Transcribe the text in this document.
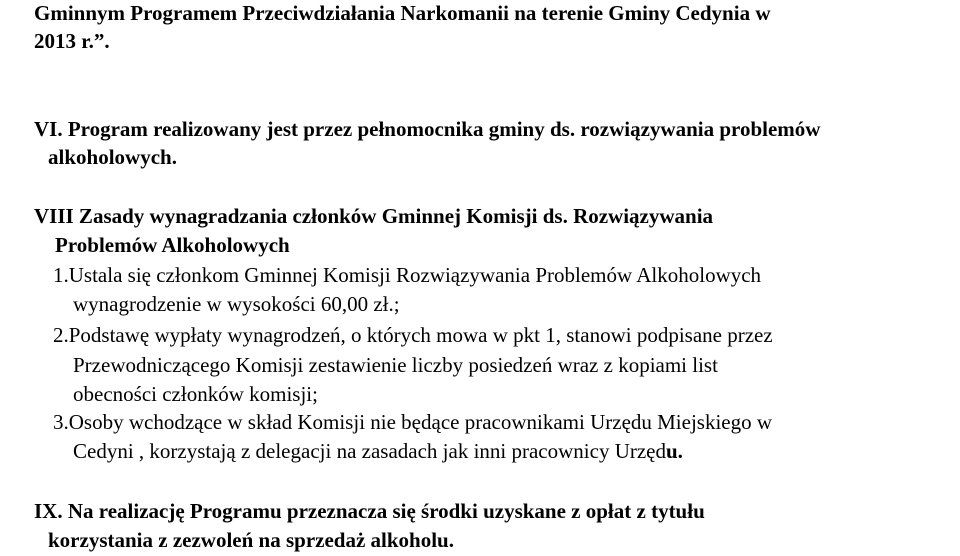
Gminnym Programem Przeciwdziałania Narkomanii na terenie Gminy Cedynia w
2013 r.”.
VI. Program realizowany jest przez pełnomocnika gminy ds. rozwiązywania problemów
alkoholowych.
VIII Zasady wynagradzania członków Gminnej Komisji ds. Rozwiązywania
Problemów Alkoholowych
1.Ustala się członkom Gminnej Komisji Rozwiązywania Problemów Alkoholowych
wynagrodzenie w wysokości 60,00 zł.;
2.Podstawę wypłaty wynagrodzeń, o których mowa w pkt 1, stanowi podpisane przez
Przewodniczącego Komisji zestawienie liczby posiedzeń wraz z kopiami list
obecności członków komisji;
3.Osoby wchodzące w skład Komisji nie będące pracownikami Urzędu Miejskiego w
Cedyni , korzystają z delegacji na zasadach jak inni pracownicy Urzędu.
IX. Na realizację Programu przeznacza się środki uzyskane z opłat z tytułu
korzystania z zezwoleń na sprzedaż alkoholu.
